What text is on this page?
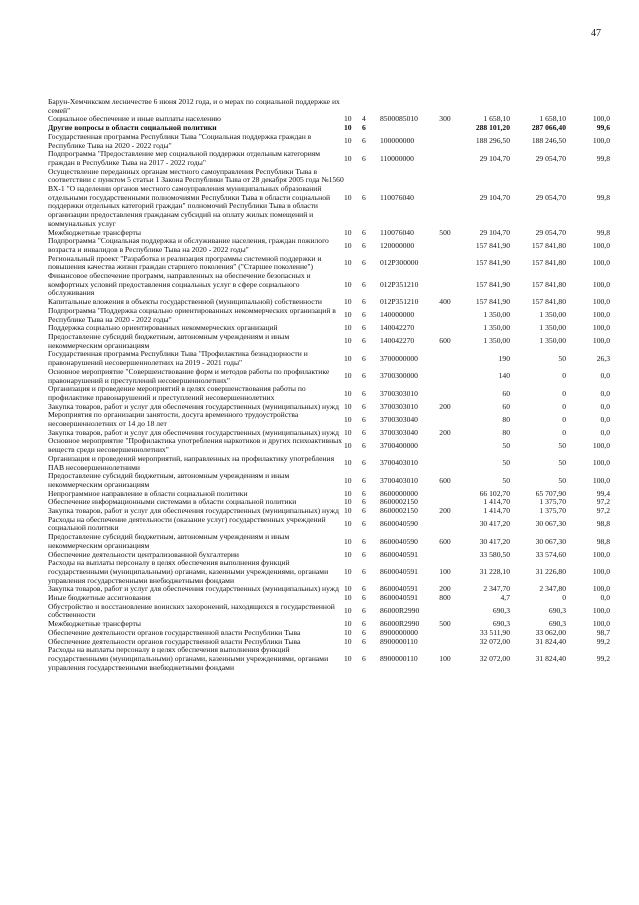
47
Барун-Хемчикском лесничестве 6 июня 2012 года, и о мерах по социальной поддержке их семей"							
Социальное обеспечение и иные выплаты населению	10	4	8500085010	300	1 658,10	1 658,10	100,0
Другие вопросы в области социальной политики	10	6			288 101,20	287 066,40	99,6
Государственная программа Республики Тыва "Социальная поддержка граждан в Республике Тыва на 2020 - 2022 годы"	10	6	100000000		188 296,50	188 246,50	100,0
Подпрограмма "Предоставление мер социальной поддержки отдельным категориям граждан в Республике Тыва на 2017 - 2022 годы"	10	6	110000000		29 104,70	29 054,70	99,8
Осуществление переданных органам местного самоуправления Республики Тыва в соответствии с пунктом 5 статьи 1 Закона Республики Тыва от 28 декабря 2005 года №1560 ВХ-1 "О наделении органов местного самоуправления муниципальных образований отдельными государственными полномочиями Республики Тыва в области социальной поддержки отдельных категорий граждан" полномочий Республики Тыва в области организации предоставления гражданам субсидий на оплату жилых помещений и коммунальных услуг	10	6	110076040		29 104,70	29 054,70	99,8
Межбюджетные трансферты	10	6	110076040	500	29 104,70	29 054,70	99,8
Подпрограмма "Социальная поддержка и обслуживание населения, граждан пожилого возраста и инвалидов в Республике Тыва на 2020 - 2022 годы"	10	6	120000000		157 841,90	157 841,80	100,0
Региональный проект "Разработка и реализация программы системной поддержки и повышения качества жизни граждан старшего поколения" ("Старшее поколение")	10	6	012P300000		157 841,90	157 841,80	100,0
Финансовое обеспечение программ, направленных на обеспечение безопасных и комфортных условий предоставления социальных услуг в сфере социального обслуживания	10	6	012P351210		157 841,90	157 841,80	100,0
Капитальные вложения в объекты государственной (муниципальной) собственности	10	6	012P351210	400	157 841,90	157 841,80	100,0
Подпрограмма "Поддержка социально ориентированных некоммерческих организаций в Республике Тыва на 2020 - 2022 годы"	10	6	140000000		1 350,00	1 350,00	100,0
Поддержка социально ориентированных некоммерческих организаций	10	6	140042270		1 350,00	1 350,00	100,0
Предоставление субсидий бюджетным, автономным учреждениям и иным некоммерческим организациям	10	6	140042270	600	1 350,00	1 350,00	100,0
Государственная программа Республики Тыва "Профилактика безнадзорности и правонарушений несовершеннолетних на 2019 - 2021 годы"	10	6	3700000000		190	50	26,3
Основное мероприятие "Совершенствование форм и методов работы по профилактике правонарушений и преступлений несовершеннолетних"	10	6	3700300000		140	0	0,0
Организация и проведение мероприятий в целях совершенствования работы по профилактике правонарушений и преступлений несовершеннолетних	10	6	3700303010		60	0	0,0
Закупка товаров, работ и услуг для обеспечения государственных (муниципальных) нужд	10	6	3700303010	200	60	0	0,0
Мероприятия по организации занятости, досуга временного трудоустройства несовершеннолетних от 14 до 18 лет	10	6	3700303040		80	0	0,0
Закупка товаров, работ и услуг для обеспечения государственных (муниципальных) нужд	10	6	3700303040	200	80	0	0,0
Основное мероприятие "Профилактика употребления наркотиков и других психоактивных веществ среди несовершеннолетних"	10	6	3700400000		50	50	100,0
Организация и проведений мероприятий, направленных на профилактику употребления ПАВ несовершеннолетними	10	6	3700403010		50	50	100,0
Предоставление субсидий бюджетным, автономным учреждениям и иным некоммерческим организациям	10	6	3700403010	600	50	50	100,0
Непрограммное направление в области социальной политики	10	6	8600000000		66 102,70	65 707,90	99,4
Обеспечение информационными системами в области социальной политики	10	6	8600002150		1 414,70	1 375,70	97,2
Закупка товаров, работ и услуг для обеспечения государственных (муниципальных) нужд	10	6	8600002150	200	1 414,70	1 375,70	97,2
Расходы на обеспечение деятельности (оказание услуг) государственных учреждений социальной политики	10	6	8600040590		30 417,20	30 067,30	98,8
Предоставление субсидий бюджетным, автономным учреждениям и иным некоммерческим организациям	10	6	8600040590	600	30 417,20	30 067,30	98,8
Обеспечение деятельности централизованной бухгалтерии	10	6	8600040591		33 580,50	33 574,60	100,0
Расходы на выплаты персоналу в целях обеспечения выполнения функций государственными (муниципальными) органами, казенными учреждениями, органами управления государственными внебюджетными фондами	10	6	8600040591	100	31 228,10	31 226,80	100,0
Закупка товаров, работ и услуг для обеспечения государственных (муниципальных) нужд	10	6	8600040591	200	2 347,70	2 347,80	100,0
Иные бюджетные ассигнования	10	6	8600040591	800	4,7	0	0,0
Обустройство и восстановление воинских захоронений, находящихся в государственной собственности	10	6	86000R2990		690,3	690,3	100,0
Межбюджетные трансферты	10	6	86000R2990	500	690,3	690,3	100,0
Обеспечение деятельности органов государственной власти Республики Тыва	10	6	8900000000		33 511,90	33 062,00	98,7
Обеспечение деятельности органов государственной власти Республики Тыва	10	6	8900000110		32 072,00	31 824,40	99,2
Расходы на выплаты персоналу в целях обеспечения выполнения функций государственными (муниципальными) органами, казенными учреждениями, органами управления государственными внебюджетными фондами	10	6	8900000110	100	32 072,00	31 824,40	99,2
